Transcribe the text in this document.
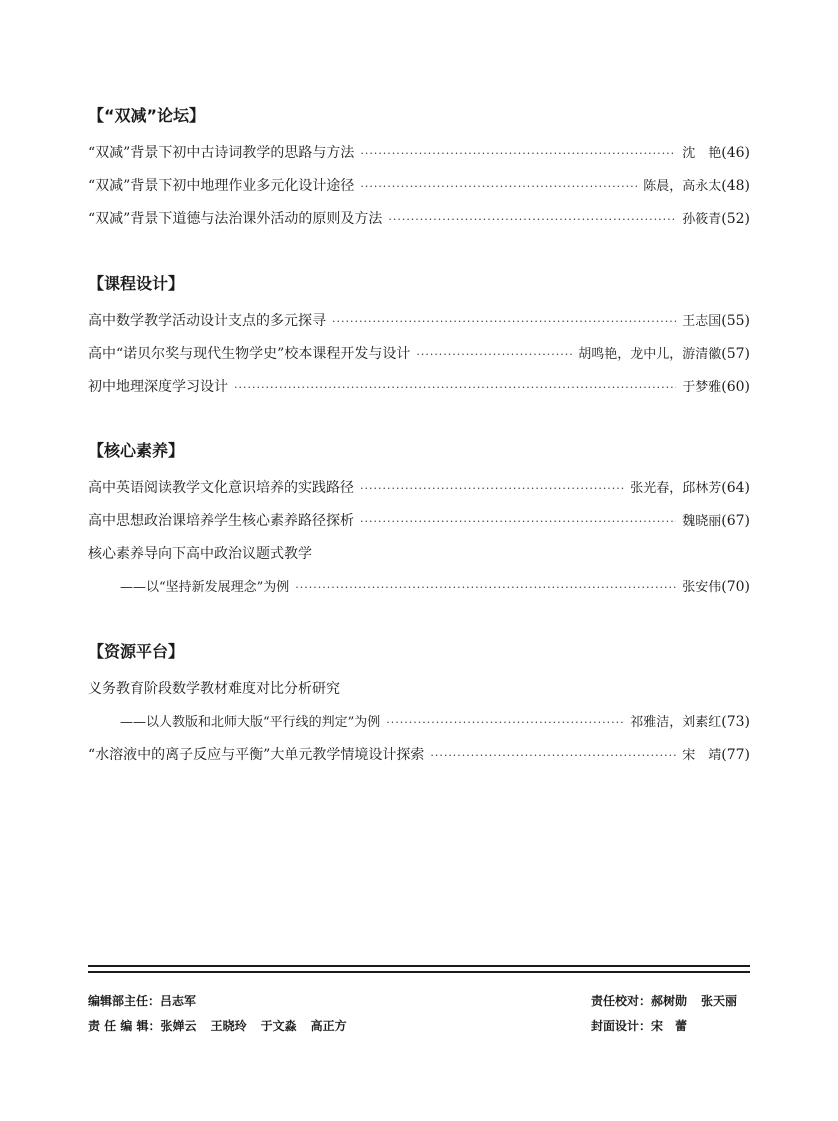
【“双减”论坛】
“双减”背景下初中古诗词教学的思路与方法 ·····	沈　艳(46)
“双减”背景下初中地理作业多元化设计途径 ·····	陈晨，高永太(48)
“双减”背景下道德与法治课外活动的原则及方法 ·····	孙筱青(52)
【课程设计】
高中数学教学活动设计支点的多元探寻 ·····	王志国(55)
高中“诺贝尔奖与现代生物学史”校本课程开发与设计 ·····	胡鸣艳，龙中儿，游清徽(57)
初中地理深度学习设计 ·····	于梦雅(60)
【核心素养】
高中英语阅读教学文化意识培养的实践路径 ·····	张光春，邱林芳(64)
高中思想政治课培养学生核心素养路径探析 ·····	魏晓丽(67)
核心素养导向下高中政治议题式教学
——以“坚持新发展理念”为例 ·····	张安伟(70)
【资源平台】
义务教育阶段数学教材难度对比分析研究
——以人教版和北师大版“平行线的判定”为例 ·····	祁雅洁，刘素红(73)
“水溶液中的离子反应与平衡”大单元教学情境设计探索 ·····	宋　靖(77)
编辑部主任：吕志军
责 任 编 辑：张婵云 王晓玲 于文淼 高正方
责任校对：郝树勋 张天丽
封面设计：宋　蕾
